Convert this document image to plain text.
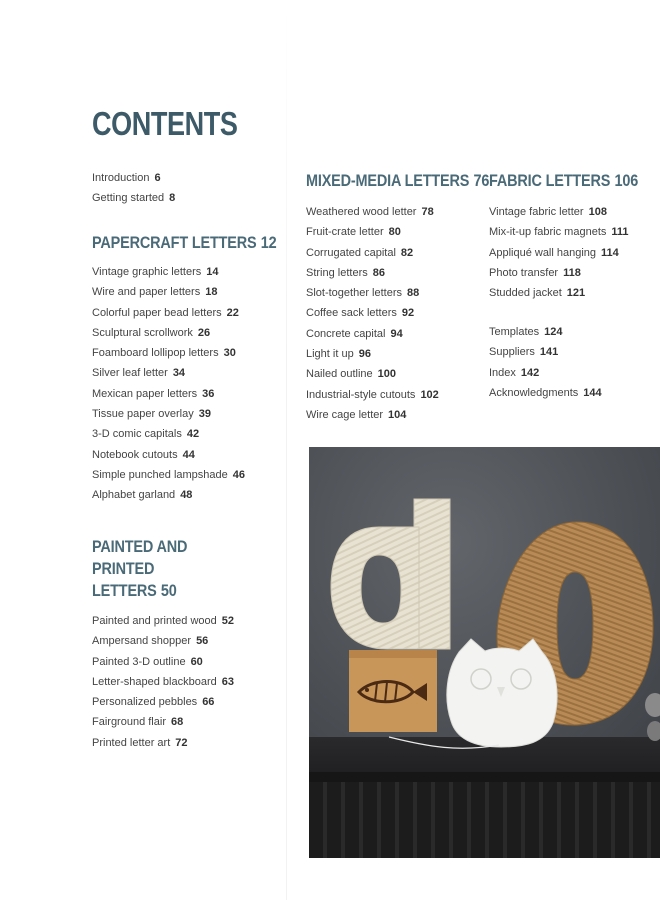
CONTENTS
Introduction 6
Getting started 8
PAPERCRAFT LETTERS 12
Vintage graphic letters 14
Wire and paper letters 18
Colorful paper bead letters 22
Sculptural scrollwork 26
Foamboard lollipop letters 30
Silver leaf letter 34
Mexican paper letters 36
Tissue paper overlay 39
3-D comic capitals 42
Notebook cutouts 44
Simple punched lampshade 46
Alphabet garland 48
PAINTED AND PRINTED LETTERS 50
Painted and printed wood 52
Ampersand shopper 56
Painted 3-D outline 60
Letter-shaped blackboard 63
Personalized pebbles 66
Fairground flair 68
Printed letter art 72
MIXED-MEDIA LETTERS 76
Weathered wood letter 78
Fruit-crate letter 80
Corrugated capital 82
String letters 86
Slot-together letters 88
Coffee sack letters 92
Concrete capital 94
Light it up 96
Nailed outline 100
Industrial-style cutouts 102
Wire cage letter 104
FABRIC LETTERS 106
Vintage fabric letter 108
Mix-it-up fabric magnets 111
Appliqué wall hanging 114
Photo transfer 118
Studded jacket 121
Templates 124
Suppliers 141
Index 142
Acknowledgments 144
